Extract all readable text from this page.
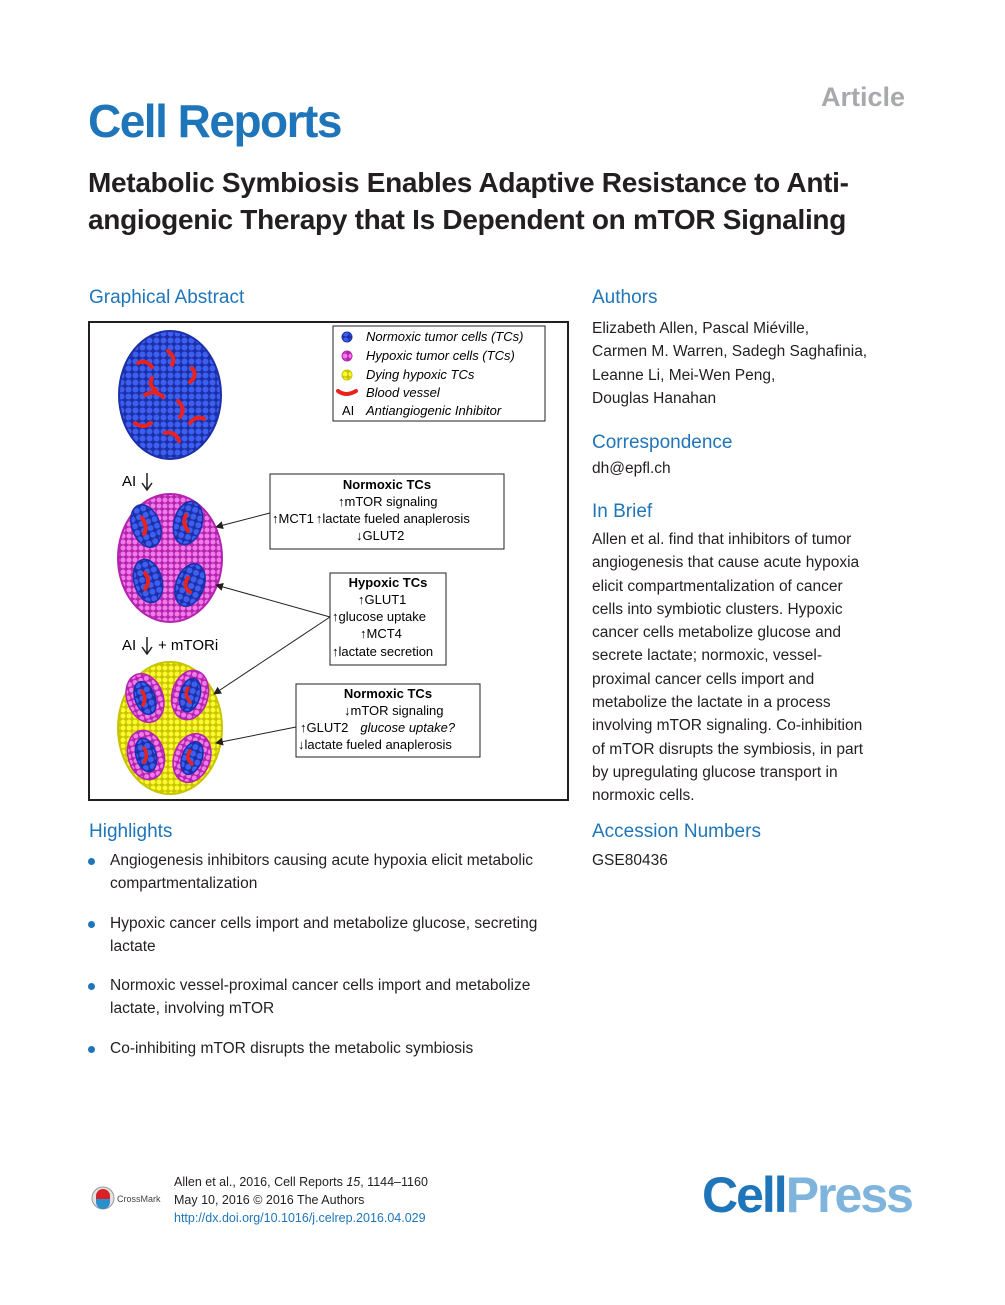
Cell Reports	Article
Metabolic Symbiosis Enables Adaptive Resistance to Anti-angiogenic Therapy that Is Dependent on mTOR Signaling
Graphical Abstract
Normoxic tumor cells (TCs)
Hypoxic tumor cells (TCs)
Dying hypoxic TCs
Blood vessel
AI Antiangiogenic Inhibitor
AI
AI + mTORi
Normoxic TCs
↑mTOR signaling
↑MCT1 ↑lactate fueled anaplerosis
↓GLUT2
Hypoxic TCs
↑GLUT1
↑glucose uptake
↑MCT4
↑lactate secretion
Normoxic TCs
↓mTOR signaling
↑GLUT2 glucose uptake?
↓lactate fueled anaplerosis
Highlights
Angiogenesis inhibitors causing acute hypoxia elicit metabolic compartmentalization
Hypoxic cancer cells import and metabolize glucose, secreting lactate
Normoxic vessel-proximal cancer cells import and metabolize lactate, involving mTOR
Co-inhibiting mTOR disrupts the metabolic symbiosis
Authors
Elizabeth Allen, Pascal Miéville,
Carmen M. Warren, Sadegh Saghafinia,
Leanne Li, Mei-Wen Peng,
Douglas Hanahan
Correspondence
dh@epfl.ch
In Brief
Allen et al. find that inhibitors of tumor
angiogenesis that cause acute hypoxia
elicit compartmentalization of cancer
cells into symbiotic clusters. Hypoxic
cancer cells metabolize glucose and
secrete lactate; normoxic, vessel-
proximal cancer cells import and
metabolize the lactate in a process
involving mTOR signaling. Co-inhibition
of mTOR disrupts the symbiosis, in part
by upregulating glucose transport in
normoxic cells.
Accession Numbers
GSE80436
CrossMark
Allen et al., 2016, Cell Reports 15, 1144–1160
May 10, 2016 © 2016 The Authors
http://dx.doi.org/10.1016/j.celrep.2016.04.029	CellPress
